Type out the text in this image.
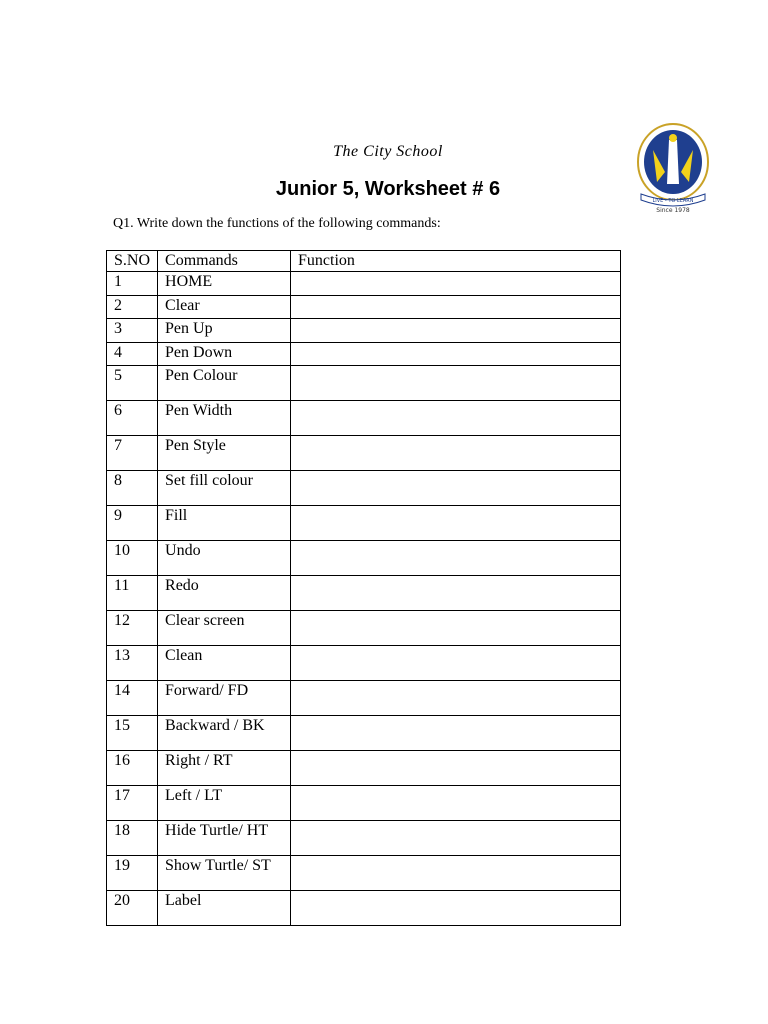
The City School
Junior 5, Worksheet # 6
LIVE - TO LEARN
Since 1978
Q1. Write down the functions of the following commands:
S.NO	Commands	Function
1	HOME	
2	Clear	
3	Pen Up	
4	Pen Down	
5	Pen Colour	
6	Pen Width	
7	Pen Style	
8	Set fill colour	
9	Fill	
10	Undo	
11	Redo	
12	Clear screen	
13	Clean	
14	Forward/ FD	
15	Backward / BK	
16	Right / RT	
17	Left / LT	
18	Hide Turtle/ HT	
19	Show Turtle/ ST	
20	Label	
